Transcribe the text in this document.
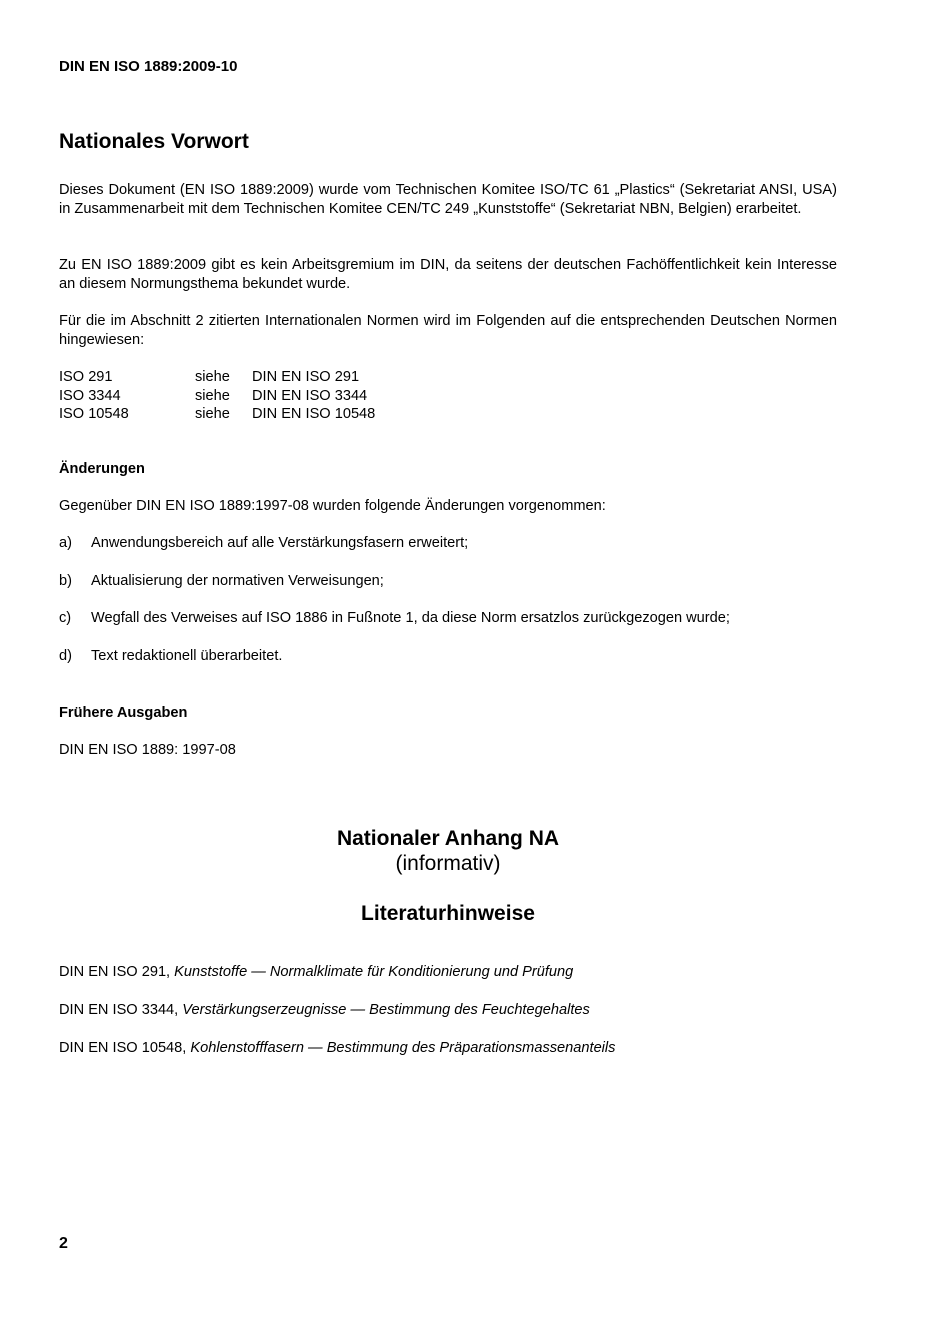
DIN EN ISO 1889:2009-10
Nationales Vorwort

Dieses Dokument (EN ISO 1889:2009) wurde vom Technischen Komitee ISO/TC 61 „Plastics“ (Sekretariat ANSI, USA) in Zusammenarbeit mit dem Technischen Komitee CEN/TC 249 „Kunststoffe“ (Sekretariat NBN, Belgien) erarbeitet.

Zu EN ISO 1889:2009 gibt es kein Arbeitsgremium im DIN, da seitens der deutschen Fachöffentlichkeit kein Interesse an diesem Normungsthema bekundet wurde.

Für die im Abschnitt 2 zitierten Internationalen Normen wird im Folgenden auf die entsprechenden Deutschen Normen hingewiesen:

ISO 291	siehe	DIN EN ISO 291
ISO 3344	siehe	DIN EN ISO 3344
ISO 10548	siehe	DIN EN ISO 10548
Änderungen
Gegenüber DIN EN ISO 1889:1997-08 wurden folgende Änderungen vorgenommen:
a)	Anwendungsbereich auf alle Verstärkungsfasern erweitert;
b)	Aktualisierung der normativen Verweisungen;
c)	Wegfall des Verweises auf ISO 1886 in Fußnote 1, da diese Norm ersatzlos zurückgezogen wurde;
d)	Text redaktionell überarbeitet.
Frühere Ausgaben
DIN EN ISO 1889: 1997-08
Nationaler Anhang NA
(informativ)
Literaturhinweise
DIN EN ISO 291, Kunststoffe — Normalklimate für Konditionierung und Prüfung
DIN EN ISO 3344, Verstärkungserzeugnisse — Bestimmung des Feuchtegehaltes
DIN EN ISO 10548, Kohlenstofffasern — Bestimmung des Präparationsmassenanteils
2
